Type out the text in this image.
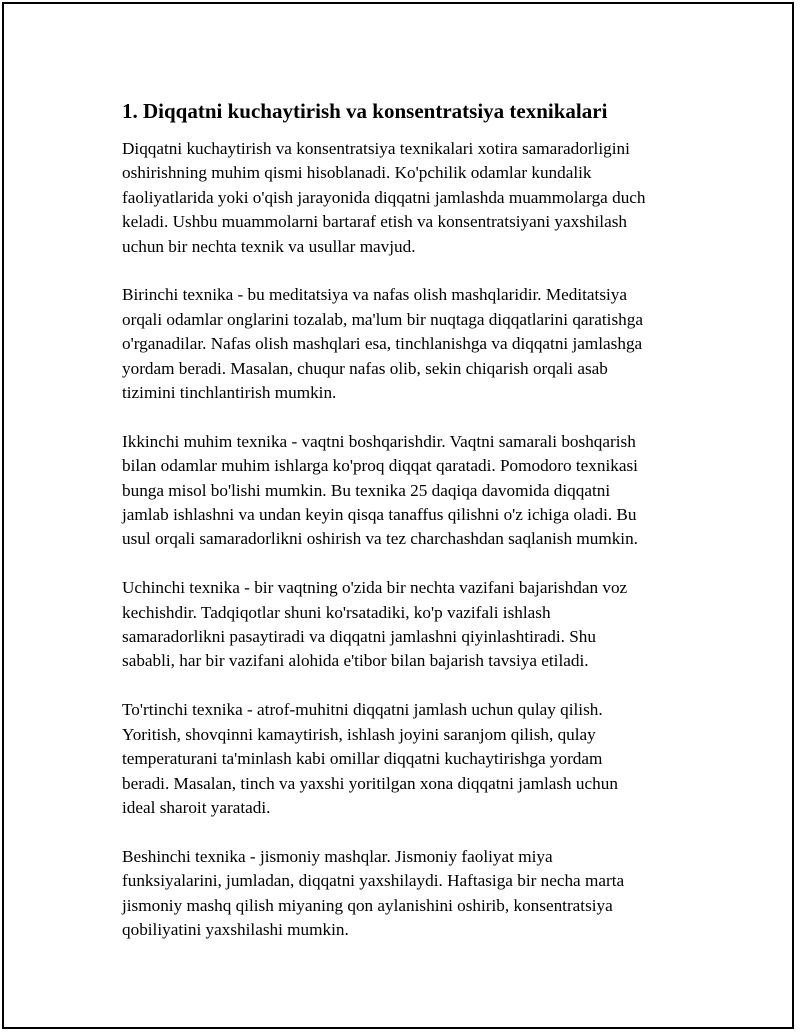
1. Diqqatni kuchaytirish va konsentratsiya texnikalari

Diqqatni kuchaytirish va konsentratsiya texnikalari xotira samaradorligini
oshirishning muhim qismi hisoblanadi. Ko'pchilik odamlar kundalik
faoliyatlarida yoki o'qish jarayonida diqqatni jamlashda muammolarga duch
keladi. Ushbu muammolarni bartaraf etish va konsentratsiyani yaxshilash
uchun bir nechta texnik va usullar mavjud.

Birinchi texnika - bu meditatsiya va nafas olish mashqlaridir. Meditatsiya
orqali odamlar onglarini tozalab, ma'lum bir nuqtaga diqqatlarini qaratishga
o'rganadilar. Nafas olish mashqlari esa, tinchlanishga va diqqatni jamlashga
yordam beradi. Masalan, chuqur nafas olib, sekin chiqarish orqali asab
tizimini tinchlantirish mumkin.

Ikkinchi muhim texnika - vaqtni boshqarishdir. Vaqtni samarali boshqarish
bilan odamlar muhim ishlarga ko'proq diqqat qaratadi. Pomodoro texnikasi
bunga misol bo'lishi mumkin. Bu texnika 25 daqiqa davomida diqqatni
jamlab ishlashni va undan keyin qisqa tanaffus qilishni o'z ichiga oladi. Bu
usul orqali samaradorlikni oshirish va tez charchashdan saqlanish mumkin.

Uchinchi texnika - bir vaqtning o'zida bir nechta vazifani bajarishdan voz
kechishdir. Tadqiqotlar shuni ko'rsatadiki, ko'p vazifali ishlash
samaradorlikni pasaytiradi va diqqatni jamlashni qiyinlashtiradi. Shu
sababli, har bir vazifani alohida e'tibor bilan bajarish tavsiya etiladi.

To'rtinchi texnika - atrof-muhitni diqqatni jamlash uchun qulay qilish.
Yoritish, shovqinni kamaytirish, ishlash joyini saranjom qilish, qulay
temperaturani ta'minlash kabi omillar diqqatni kuchaytirishga yordam
beradi. Masalan, tinch va yaxshi yoritilgan xona diqqatni jamlash uchun
ideal sharoit yaratadi.

Beshinchi texnika - jismoniy mashqlar. Jismoniy faoliyat miya
funksiyalarini, jumladan, diqqatni yaxshilaydi. Haftasiga bir necha marta
jismoniy mashq qilish miyaning qon aylanishini oshirib, konsentratsiya
qobiliyatini yaxshilashi mumkin.
